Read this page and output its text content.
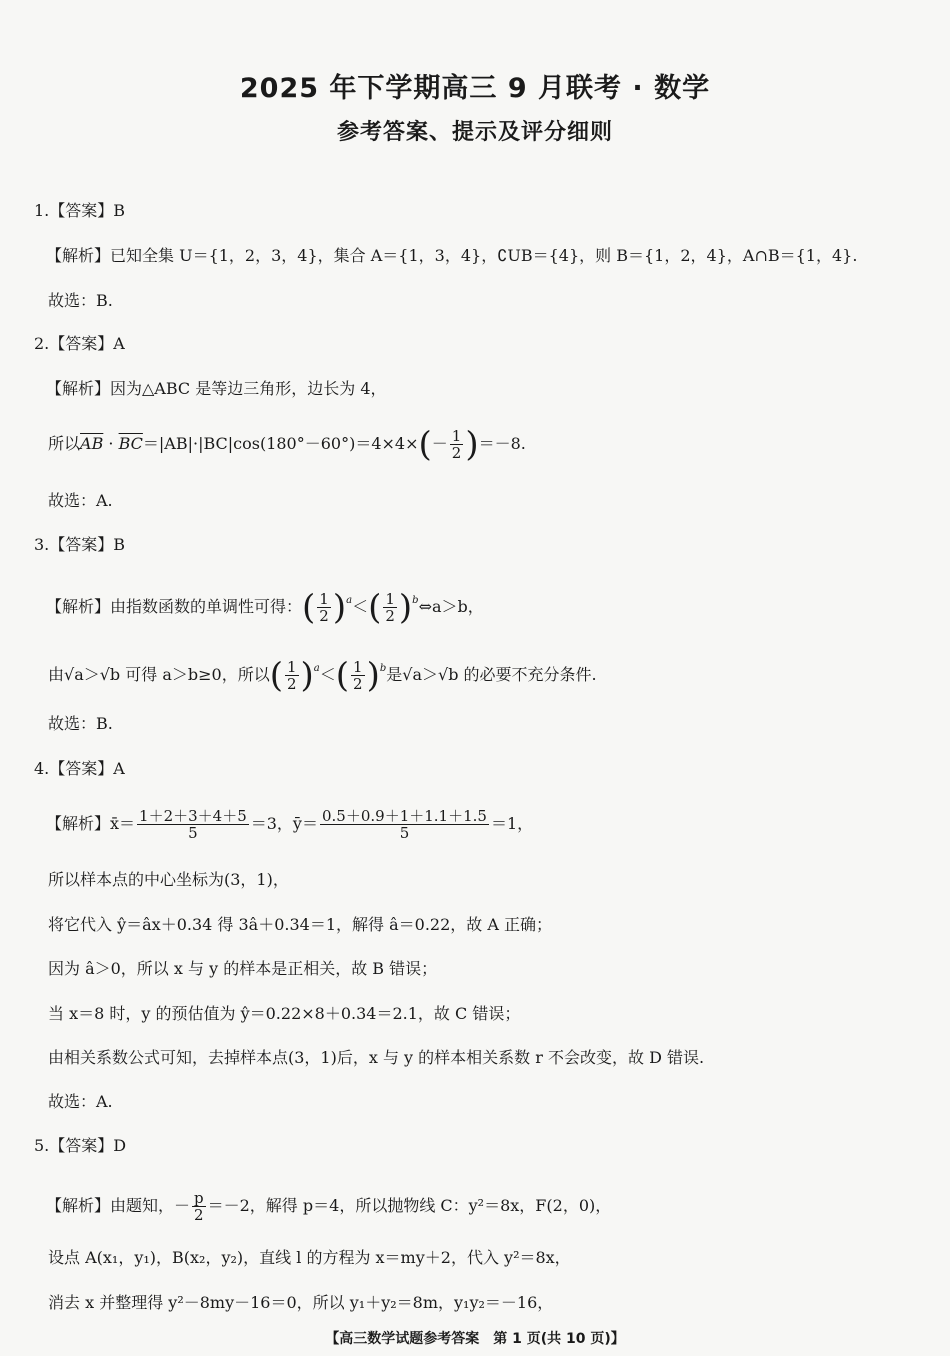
2025 年下学期高三 9 月联考 · 数学
参考答案、提示及评分细则
1.【答案】B
【解析】已知全集 U＝{1，2，3，4}，集合 A＝{1，3，4}，∁UB＝{4}，则 B＝{1，2，4}，A∩B＝{1，4}.
故选：B.
2.【答案】A
【解析】因为△ABC 是等边三角形，边长为 4，
所以$\overline{AB} \cdot \overline{BC}=|AB|\cdot|BC|\cos(180^\circ-60^\circ)=4\times 4\times(- \frac{1}{2} )=-8$.
故选：A.
3.【答案】B
【解析】由指数函数的单调性可得：( $\frac{1}{2} )^a<( \frac{1}{2}$ )$^b\Leftrightarrow a>b$，
由√a＞√b 可得 a＞b≥0，所以( $\frac{1}{2} )^a<( \frac{1}{2} )^b$是√a＞√b 的必要不充分条件.
故选：B.
4.【答案】A
【解析】x̄＝ $\frac{1+2+3+4+5}{5} =3$，ȳ＝ $\frac{0.5+0.9+1+1.1+1.5}{5} =1$，
所以样本点的中心坐标为(3，1)，
将它代入 ŷ＝âx＋0.34 得 3â＋0.34＝1，解得 â＝0.22，故 A 正确；
因为 â＞0，所以 x 与 y 的样本是正相关，故 B 错误；
当 x＝8 时，y 的预估值为 ŷ＝0.22×8＋0.34＝2.1，故 C 错误；
由相关系数公式可知，去掉样本点(3，1)后，x 与 y 的样本相关系数 r 不会改变，故 D 错误.
故选：A.
5.【答案】D
【解析】由题知，－ $\frac{p}{2} =-2$，解得 p＝4，所以抛物线 C：y²＝8x，F(2，0)，
设点 A(x₁，y₁)，B(x₂，y₂)，直线 l 的方程为 x＝my＋2，代入 y²＝8x，
消去 x 并整理得 y²－8my－16＝0，所以 y₁＋y₂＝8m，y₁y₂＝－16，
【高三数学试题参考答案　第 1 页(共 10 页)】
